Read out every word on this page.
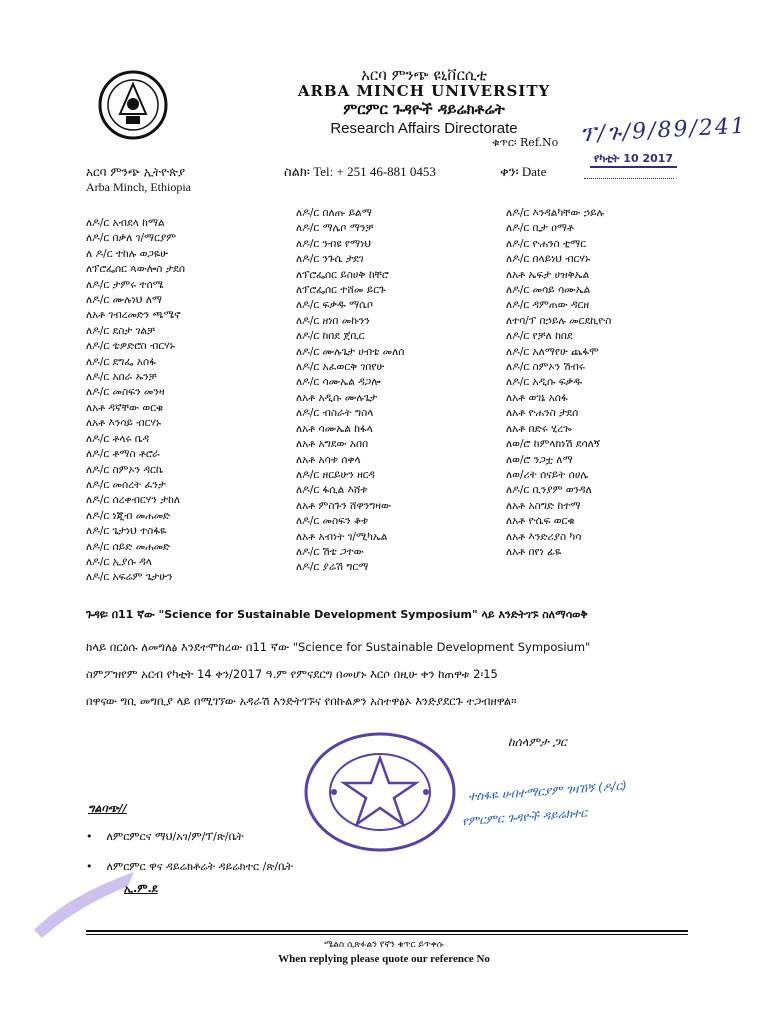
አርባ ምንጭ ዩኒቨርሲቲ
ARBA MINCH UNIVERSITY
ምርምር ጉዳዮች ዳይሬክቶሬት
Research Affairs Directorate
ቁጥር፡ Ref.No ፕ/ጉ/9/89/241
የካቲት 10 2017
አርባ ምንጭ ኢትዮጵያ
Arba Minch, Ethiopia
ስልክ፡ Tel: + 251 46-881 0453	ቀን፡ Date
ለዶ/ር አብደላ ከማል
ለዶ/ር በቃለ ገ/ማርያም
ለ ዶ/ር ተከሉ ወጋዬሁ
ለፕሮፌሰር ጳውሎስ ታደሰ
ለዶ/ር ታምሩ ተሰሜ
ለዶ/ር ሙሉነህ ለማ
ለአቶ ገብረመድን ጫሜኖ
ለዶ/ር ደስታ ገልቻ
ለዶ/ር ቴዎድሮስ ብርሃኑ
ለዶ/ር ደግፌ አሰፋ
ለዶ/ር አበራ ኡንቻ
ለዶ/ር መስፍን መንዛ
ለአቶ ዳኛቸው ወርቁ
ለአቶ እንሳይ ብርሃኑ
ለዶ/ር ቶላሩ ቤዳ
ለዶ/ር ቶማስ ቶሮራ
ለዶ/ር ስምኦን ዳርኬ
ለዶ/ር መሰረት ፈንታ
ለዶ/ር ሰረቀብርሃን ታከለ
ለዶ/ር ነጂብ መሐመድ
ለዶ/ር ጌታነህ ተስፋዬ
ለዶ/ር ሰይድ መሐመድ
ለዶ/ር ኢያሱ ዳላ
ለዶ/ር አፍሬም ጌታሁን
ለዶ/ር በለጡ ይልማ
ለዶ/ር ማሌቦ ማንቻ
ለዶ/ር ንብዩ የማነህ
ለዶ/ር ንጉሴ ታደገ
ለፕሮፌሰር ይስሀቅ ከቸሮ
ለፕሮፌሰር ተሸመ ይርጉ
ለዶ/ር ፍቃዱ ማሴቦ
ለዶ/ር ዘነበ መኩንን
ለዶ/ር ከበደ ጀቢር
ለዶ/ር ሙሉጌታ ሀብቴ መለሰ
ለዶ/ር አፈወርቅ ገበየሁ
ለዶ/ር ሳሙኤል ዳጋሎ
ለአቶ አዲሱ ሙሉጌታ
ለዶ/ር ብስራት ግስላ
ለአቶ ሳሙኤል ከፋላ
ለአቶ አግደው አበበ
ለአቶ አሳቱ ሰቀላ
ለዶ/ር ዘርይሁን ዘርዳ
ለዶ/ር ፋሲል እሸቱ
ለአቶ ምስጉን ሸዋንግዛው
ለዶ/ር መስፍን ቆቱ
ለአቶ አብነት ገ/ሚካኤል
ለዶ/ር ሽቴ ጋተው
ለዶ/ር ያሬሽ ግርማ
ለዶ/ር እንዳልካቸው ኃይሉ
ለዶ/ር ቢታ ዐማቶ
ለዶ/ር ዮሐንስ ቲማር
ለዶ/ር በላይነህ ብርሃኑ
ለአቶ ኤፍታ ሀዝቅኤል
ለዶ/ር መሳይ ሳሙኤል
ለዶ/ር ዳምጠው ዳርዘ
ለተባ/ፕ በኃይሉ መርደኪዮስ
ለዶ/ር የቻለ ከበደ
ለዶ/ር አለማየሁ ጨፋሞ
ለዶ/ር ስምኦን ሽብሩ
ለዶ/ር አዲሱ ፍቃዱ
ለአቶ ወገኔ አሰፋ
ለአቶ ዮሐንስ ታደሰ
ለአቶ በድሩ ሂረጐ
ለወ/ሮ ከምላክነሽ ደሳለኝ
ለወ/ሮ ንጋቷ ለማ
ለወ/ሪት ሰናይት ሰሀሌ
ለዶ/ር ቢንያም ወንዳለ
ለአቶ አስግድ ከተማ
ለአቶ ዮሴፍ ወርቁ
ለአቶ እንድሪያስ ካሳ
ለአቶ በየነ ፊዬ
ጉዳዩ፡ በ11 ኛው "Science for Sustainable Development Symposium" ላይ እንድትገኙ ስለማሳወቅ
ከላይ በርዕሱ ለመግለፅ እንደተሞከረው በ11 ኛው "Science for Sustainable Development Symposium"
ስምፖዝየም አርብ የካቲት 14 ቀን/2017 ዓ.ም የምናደርግ በመሆኑ እርሶ በዚሁ ቀን ከጠዋቱ 2፡15
በዋናው ግቢ መግቢያ ላይ በሚገኘው አዳራሽ እንድትገኙና የበኩልዎን አስተዋፅኦ እንድያደርጉ ተጋብዘዋል።
ከሰላምታ ጋር
ተስፋዬ ሀብተማርያም ገዛኸኝ (ዶ/ር)
የምርምር ጉዳዮች ዳይሬክተር
ግልባጭ//
•    ለምርምርና ማህ/አገ/ም/ፕ/ጽ/ቤት
•    ለምርምር ዋና ዳይሬክቶሬት ዳይሬክተር /ጽ/ቤት
ኢ.ም.ደ
ሜልስ ሲጽፉልን የኛን ቁጥር ይጥቀሱ
When replying please quote our reference No
